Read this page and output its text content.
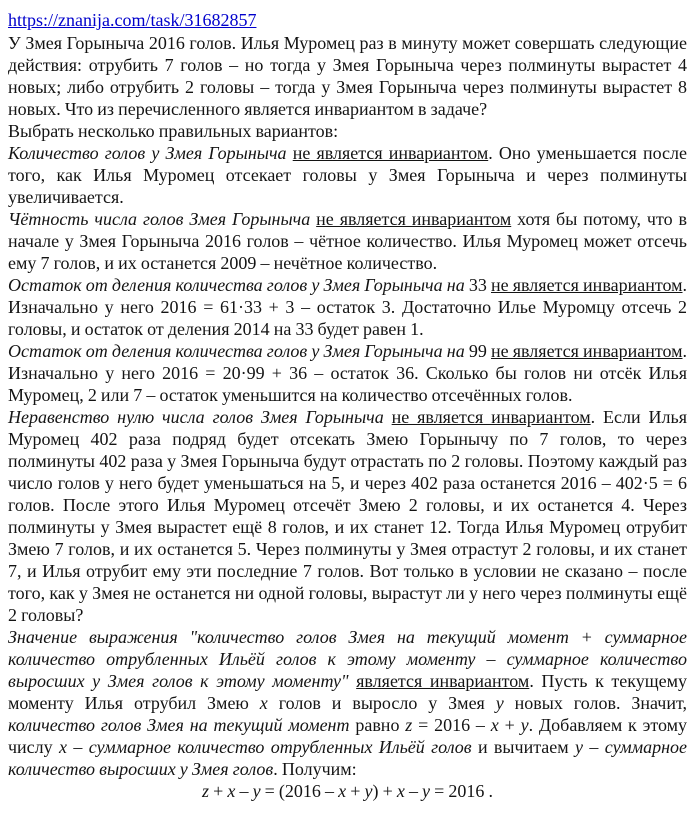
https://znanija.com/task/31682857

У Змея Горыныча 2016 голов. Илья Муромец раз в минуту может совершать следующие действия: отрубить 7 голов – но тогда у Змея Горыныча через полминуты вырастет 4 новых; либо отрубить 2 головы – тогда у Змея Горыныча через полминуты вырастет 8 новых. Что из перечисленного является инвариантом в задаче?

Выбрать несколько правильных вариантов:

Количество голов у Змея Горыныча не является инвариантом. Оно уменьшается после того, как Илья Муромец отсекает головы у Змея Горыныча и через полминуты увеличивается.

Чётность числа голов Змея Горыныча не является инвариантом хотя бы потому, что в начале у Змея Горыныча 2016 голов – чётное количество. Илья Муромец может отсечь ему 7 голов, и их останется 2009 – нечётное количество.

Остаток от деления количества голов у Змея Горыныча на 33 не является инвариантом. Изначально у него 2016 = 61·33 + 3 – остаток 3. Достаточно Илье Муромцу отсечь 2 головы, и остаток от деления 2014 на 33 будет равен 1.

Остаток от деления количества голов у Змея Горыныча на 99 не является инвариантом. Изначально у него 2016 = 20·99 + 36 – остаток 36. Сколько бы голов ни отсёк Илья Муромец, 2 или 7 – остаток уменьшится на количество отсечённых голов.

Неравенство нулю числа голов Змея Горыныча не является инвариантом. Если Илья Муромец 402 раза подряд будет отсекать Змею Горынычу по 7 голов, то через полминуты 402 раза у Змея Горыныча будут отрастать по 2 головы. Поэтому каждый раз число голов у него будет уменьшаться на 5, и через 402 раза останется 2016 – 402·5 = 6 голов. После этого Илья Муромец отсечёт Змею 2 головы, и их останется 4. Через полминуты у Змея вырастет ещё 8 голов, и их станет 12. Тогда Илья Муромец отрубит Змею 7 голов, и их останется 5. Через полминуты у Змея отрастут 2 головы, и их станет 7, и Илья отрубит ему эти последние 7 голов. Вот только в условии не сказано – после того, как у Змея не останется ни одной головы, вырастут ли у него через полминуты ещё 2 головы?

Значение выражения "количество голов Змея на текущий момент + суммарное количество отрубленных Ильёй голов к этому моменту – суммарное количество выросших у Змея голов к этому моменту" является инвариантом. Пусть к текущему моменту Илья отрубил Змею x голов и выросло у Змея y новых голов. Значит, количество голов Змея на текущий момент равно z = 2016 – x + y. Добавляем к этому числу x – суммарное количество отрубленных Ильёй голов и вычитаем y – суммарное количество выросших у Змея голов. Получим:

z + x – y = (2016 – x + y) + x – y = 2016 .
